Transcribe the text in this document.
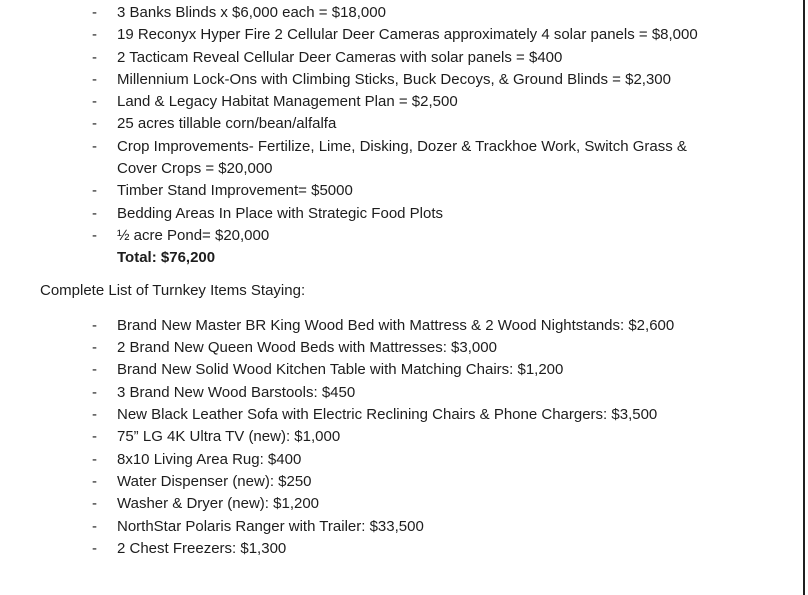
- 3 Banks Blinds x $6,000 each = $18,000
- 19 Reconyx Hyper Fire 2 Cellular Deer Cameras approximately 4 solar panels = $8,000
- 2 Tacticam Reveal Cellular Deer Cameras with solar panels = $400
- Millennium Lock-Ons with Climbing Sticks, Buck Decoys, & Ground Blinds = $2,300
- Land & Legacy Habitat Management Plan = $2,500
- 25 acres tillable corn/bean/alfalfa
- Crop Improvements- Fertilize, Lime, Disking, Dozer & Trackhoe Work, Switch Grass &
Cover Crops = $20,000
- Timber Stand Improvement= $5000
- Bedding Areas In Place with Strategic Food Plots
- ½ acre Pond= $20,000
Total: $76,200
Complete List of Turnkey Items Staying:
- Brand New Master BR King Wood Bed with Mattress & 2 Wood Nightstands: $2,600
- 2 Brand New Queen Wood Beds with Mattresses: $3,000
- Brand New Solid Wood Kitchen Table with Matching Chairs: $1,200
- 3 Brand New Wood Barstools: $450
- New Black Leather Sofa with Electric Reclining Chairs & Phone Chargers: $3,500
- 75” LG 4K Ultra TV (new): $1,000
- 8x10 Living Area Rug: $400
- Water Dispenser (new): $250
- Washer & Dryer (new): $1,200
- NorthStar Polaris Ranger with Trailer: $33,500
- 2 Chest Freezers: $1,300
